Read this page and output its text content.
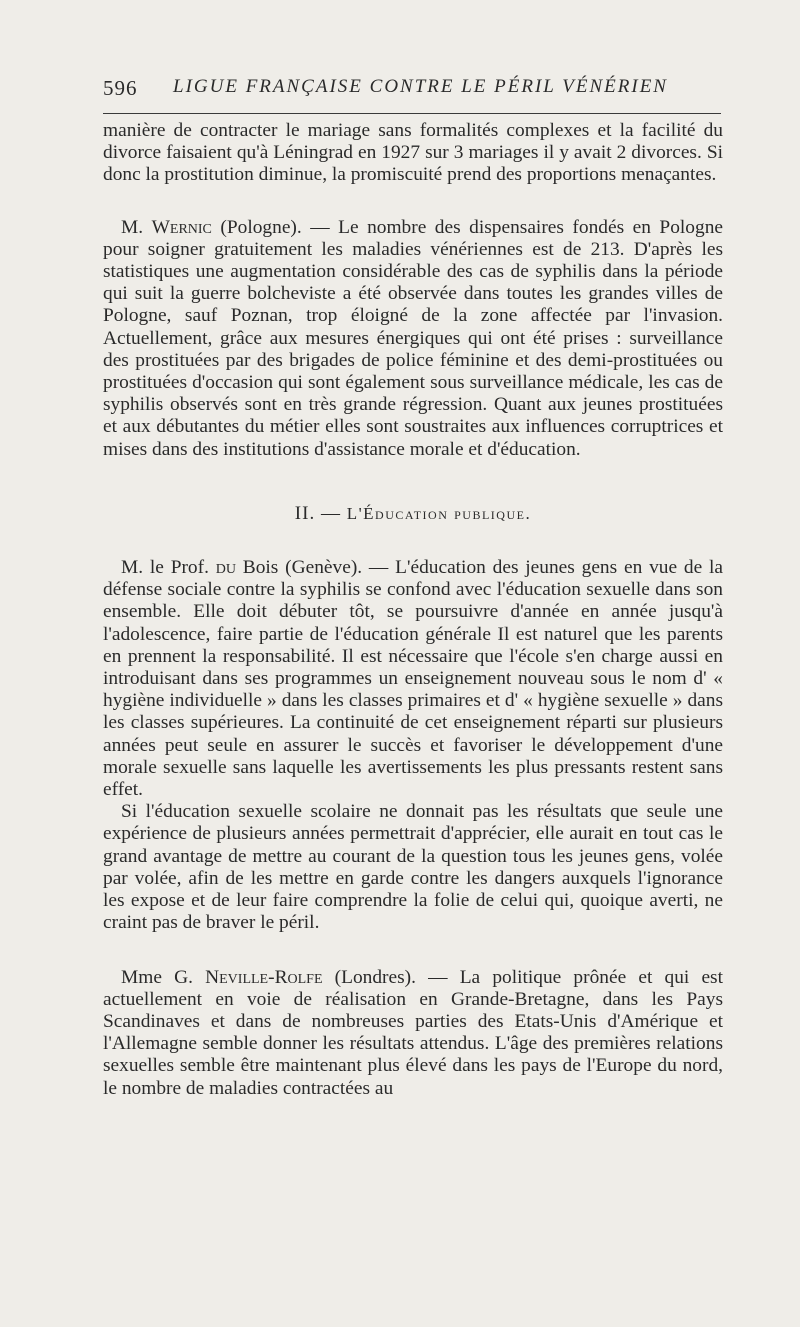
596 LIGUE FRANÇAISE CONTRE LE PÉRIL VÉNÉRIEN

manière de contracter le mariage sans formalités complexes et la facilité du divorce faisaient qu'à Léningrad en 1927 sur 3 mariages il y avait 2 divorces. Si donc la prostitution diminue, la promiscuité prend des proportions menaçantes.

M. Wernic (Pologne). — Le nombre des dispensaires fondés en Pologne pour soigner gratuitement les maladies vénériennes est de 213. D'après les statistiques une augmentation considérable des cas de syphilis dans la période qui suit la guerre bolcheviste a été observée dans toutes les grandes villes de Pologne, sauf Poznan, trop éloigné de la zone affectée par l'invasion. Actuellement, grâce aux mesures énergiques qui ont été prises : surveillance des prostituées par des brigades de police féminine et des demi-prostituées ou prostituées d'occasion qui sont également sous surveillance médicale, les cas de syphilis observés sont en très grande régression. Quant aux jeunes prostituées et aux débutantes du métier elles sont soustraites aux influences corruptrices et mises dans des institutions d'assistance morale et d'éducation.

II. — L'Éducation publique.

M. le Prof. du Bois (Genève). — L'éducation des jeunes gens en vue de la défense sociale contre la syphilis se confond avec l'éducation sexuelle dans son ensemble. Elle doit débuter tôt, se poursuivre d'année en année jusqu'à l'adolescence, faire partie de l'éducation générale Il est naturel que les parents en prennent la responsabilité. Il est nécessaire que l'école s'en charge aussi en introduisant dans ses programmes un enseignement nouveau sous le nom d' « hygiène individuelle » dans les classes primaires et d' « hygiène sexuelle » dans les classes supérieures. La continuité de cet enseignement réparti sur plusieurs années peut seule en assurer le succès et favoriser le développement d'une morale sexuelle sans laquelle les avertissements les plus pressants restent sans effet.

Si l'éducation sexuelle scolaire ne donnait pas les résultats que seule une expérience de plusieurs années permettrait d'apprécier, elle aurait en tout cas le grand avantage de mettre au courant de la question tous les jeunes gens, volée par volée, afin de les mettre en garde contre les dangers auxquels l'ignorance les expose et de leur faire comprendre la folie de celui qui, quoique averti, ne craint pas de braver le péril.

Mme G. Neville-Rolfe (Londres). — La politique prônée et qui est actuellement en voie de réalisation en Grande-Bretagne, dans les Pays Scandinaves et dans de nombreuses parties des Etats-Unis d'Amérique et l'Allemagne semble donner les résultats attendus. L'âge des premières relations sexuelles semble être maintenant plus élevé dans les pays de l'Europe du nord, le nombre de maladies contractées au
